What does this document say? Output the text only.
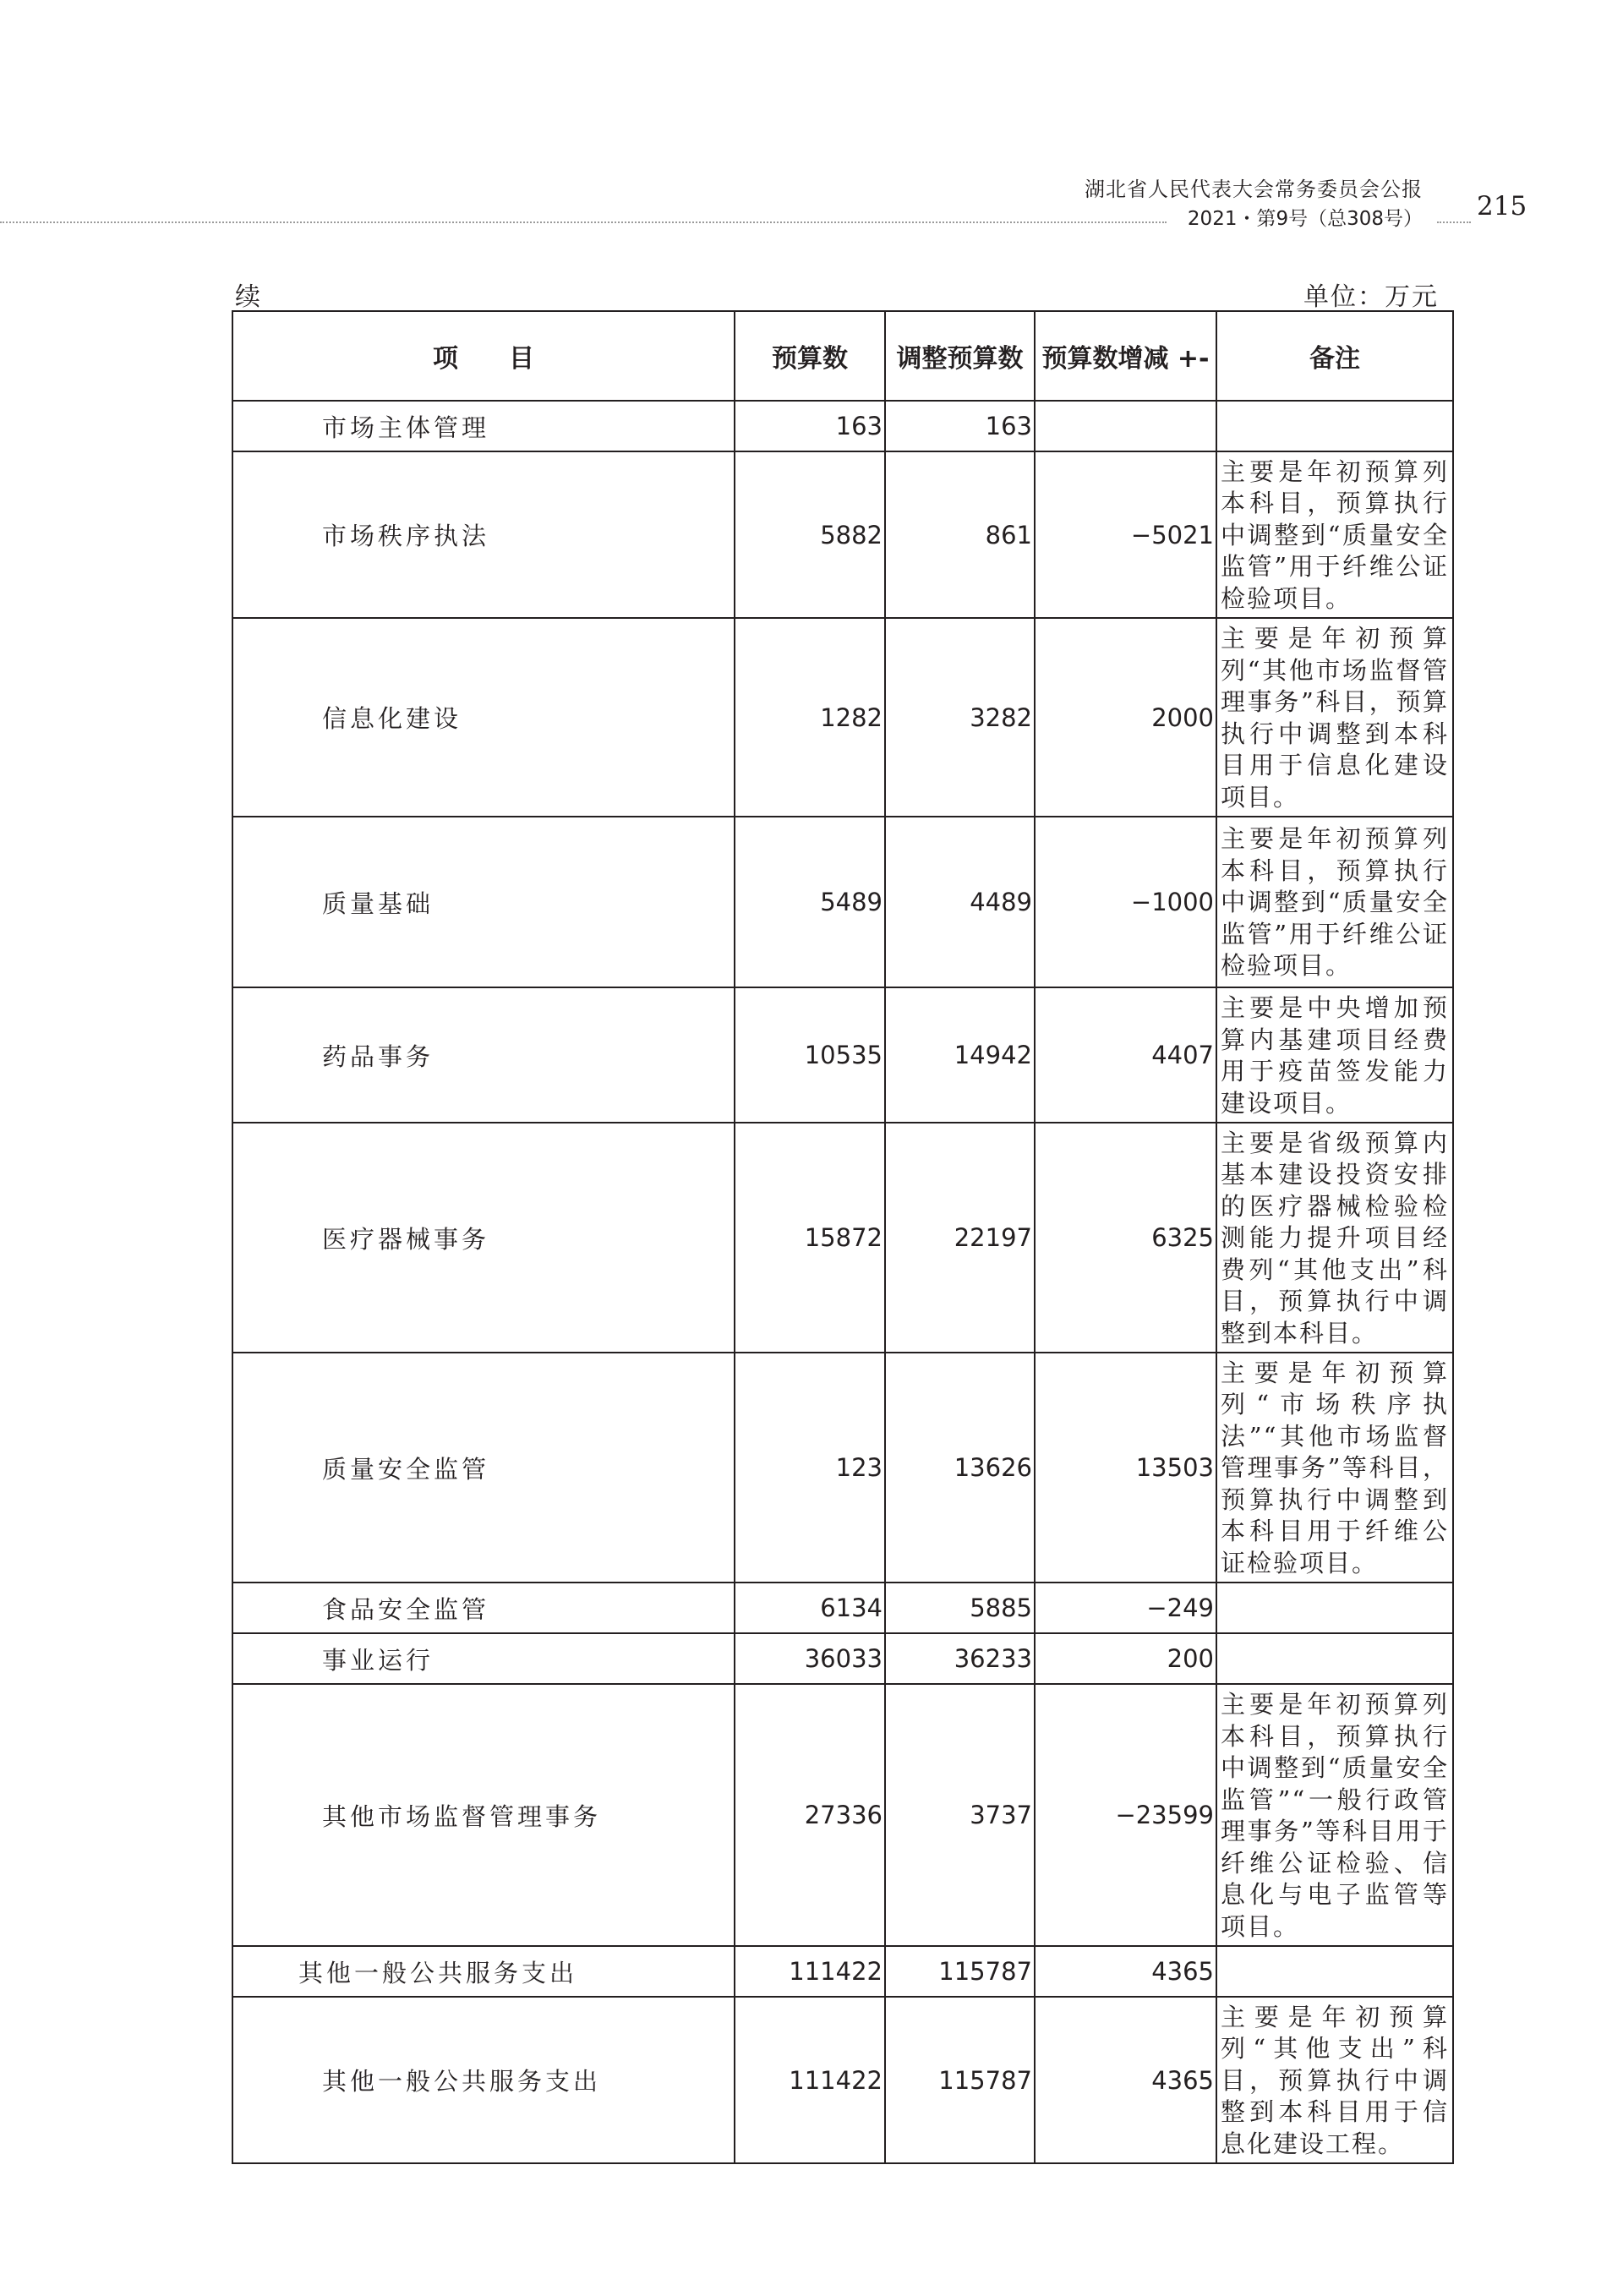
湖北省人民代表大会常务委员会公报
2021・第9号（总308号） 215
续	单位：万元
项　　目	预算数	调整预算数	预算数增减 +-	备注
市场主体管理	163	163		
市场秩序执法	5882	861	−5021	主要是年初预算列本科目，预算执行中调整到“质量安全监管”用于纤维公证检验项目。
信息化建设	1282	3282	2000	主要是年初预算列“其他市场监督管理事务”科目，预算执行中调整到本科目用于信息化建设项目。
质量基础	5489	4489	−1000	主要是年初预算列本科目，预算执行中调整到“质量安全监管”用于纤维公证检验项目。
药品事务	10535	14942	4407	主要是中央增加预算内基建项目经费用于疫苗签发能力建设项目。
医疗器械事务	15872	22197	6325	主要是省级预算内基本建设投资安排的医疗器械检验检测能力提升项目经费列“其他支出”科目，预算执行中调整到本科目。
质量安全监管	123	13626	13503	主要是年初预算列“市场秩序执法”“其他市场监督管理事务”等科目，预算执行中调整到本科目用于纤维公证检验项目。
食品安全监管	6134	5885	−249	
事业运行	36033	36233	200	
其他市场监督管理事务	27336	3737	−23599	主要是年初预算列本科目，预算执行中调整到“质量安全监管”“一般行政管理事务”等科目用于纤维公证检验、信息化与电子监管等项目。
其他一般公共服务支出	111422	115787	4365	
其他一般公共服务支出	111422	115787	4365	主要是年初预算列“其他支出”科目，预算执行中调整到本科目用于信息化建设工程。
